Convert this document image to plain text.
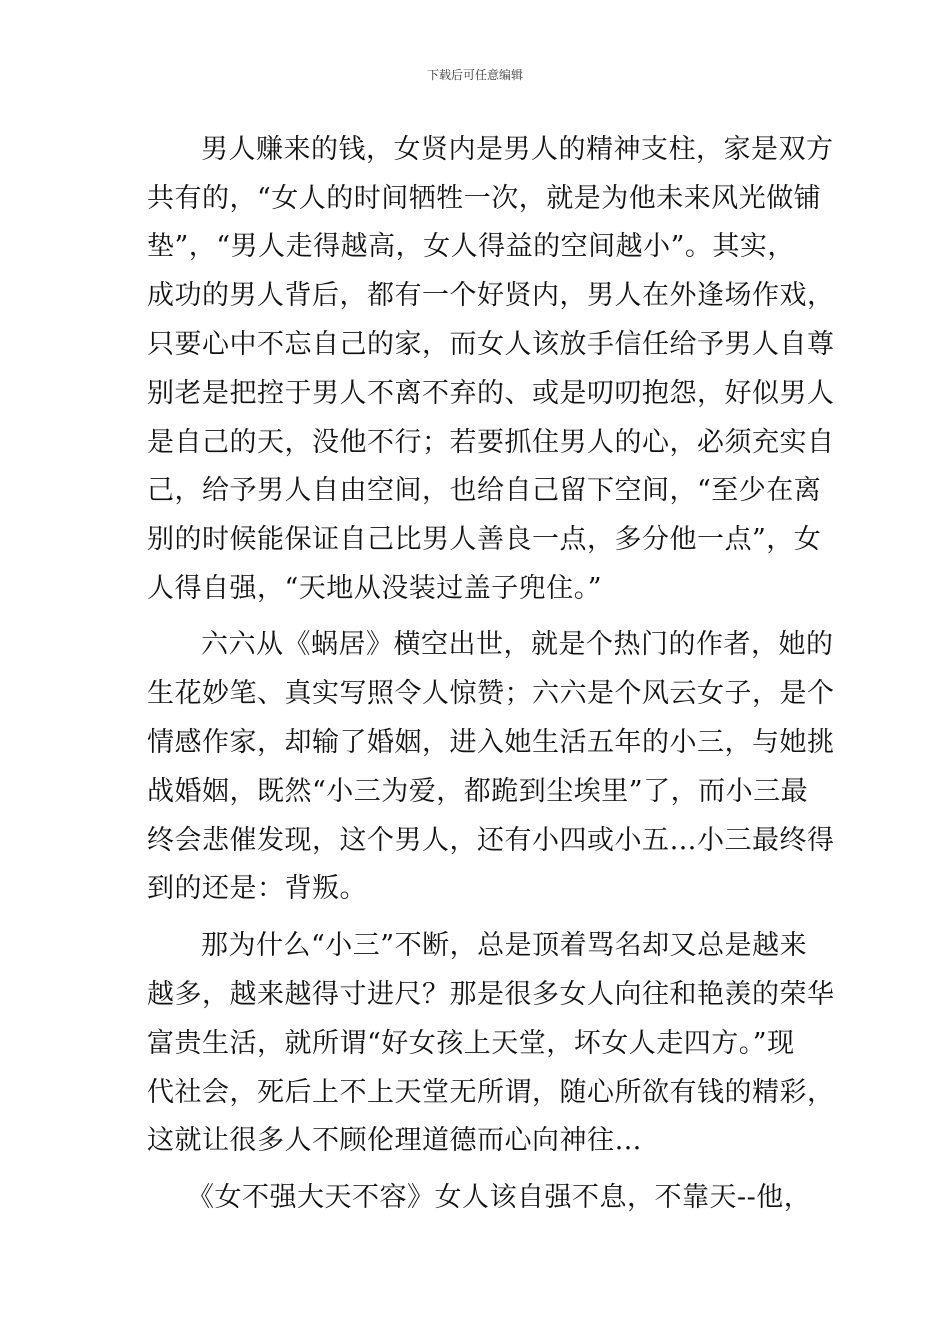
下载后可任意编辑

男人赚来的钱，女贤内是男人的精神支柱，家是双方

共有的，“女人的时间牺牲一次，就是为他未来风光做铺

垫”，“男人走得越高，女人得益的空间越小”。其实，

成功的男人背后，都有一个好贤内，男人在外逢场作戏，

只要心中不忘自己的家，而女人该放手信任给予男人自尊

别老是把控于男人不离不弃的、或是叨叨抱怨，好似男人

是自己的天，没他不行；若要抓住男人的心，必须充实自

己，给予男人自由空间，也给自己留下空间，“至少在离

别的时候能保证自己比男人善良一点，多分他一点”，女

人得自强，“天地从没装过盖子兜住。”

六六从《蜗居》横空出世，就是个热门的作者，她的

生花妙笔、真实写照令人惊赞；六六是个风云女子，是个

情感作家，却输了婚姻，进入她生活五年的小三，与她挑

战婚姻，既然“小三为爱，都跪到尘埃里”了，而小三最

终会悲催发现，这个男人，还有小四或小五…小三最终得

到的还是：背叛。

那为什么“小三”不断，总是顶着骂名却又总是越来

越多，越来越得寸进尺？那是很多女人向往和艳羡的荣华

富贵生活，就所谓“好女孩上天堂，坏女人走四方。”现

代社会，死后上不上天堂无所谓，随心所欲有钱的精彩，

这就让很多人不顾伦理道德而心向神往…

《女不强大天不容》女人该自强不息，不靠天--他，
